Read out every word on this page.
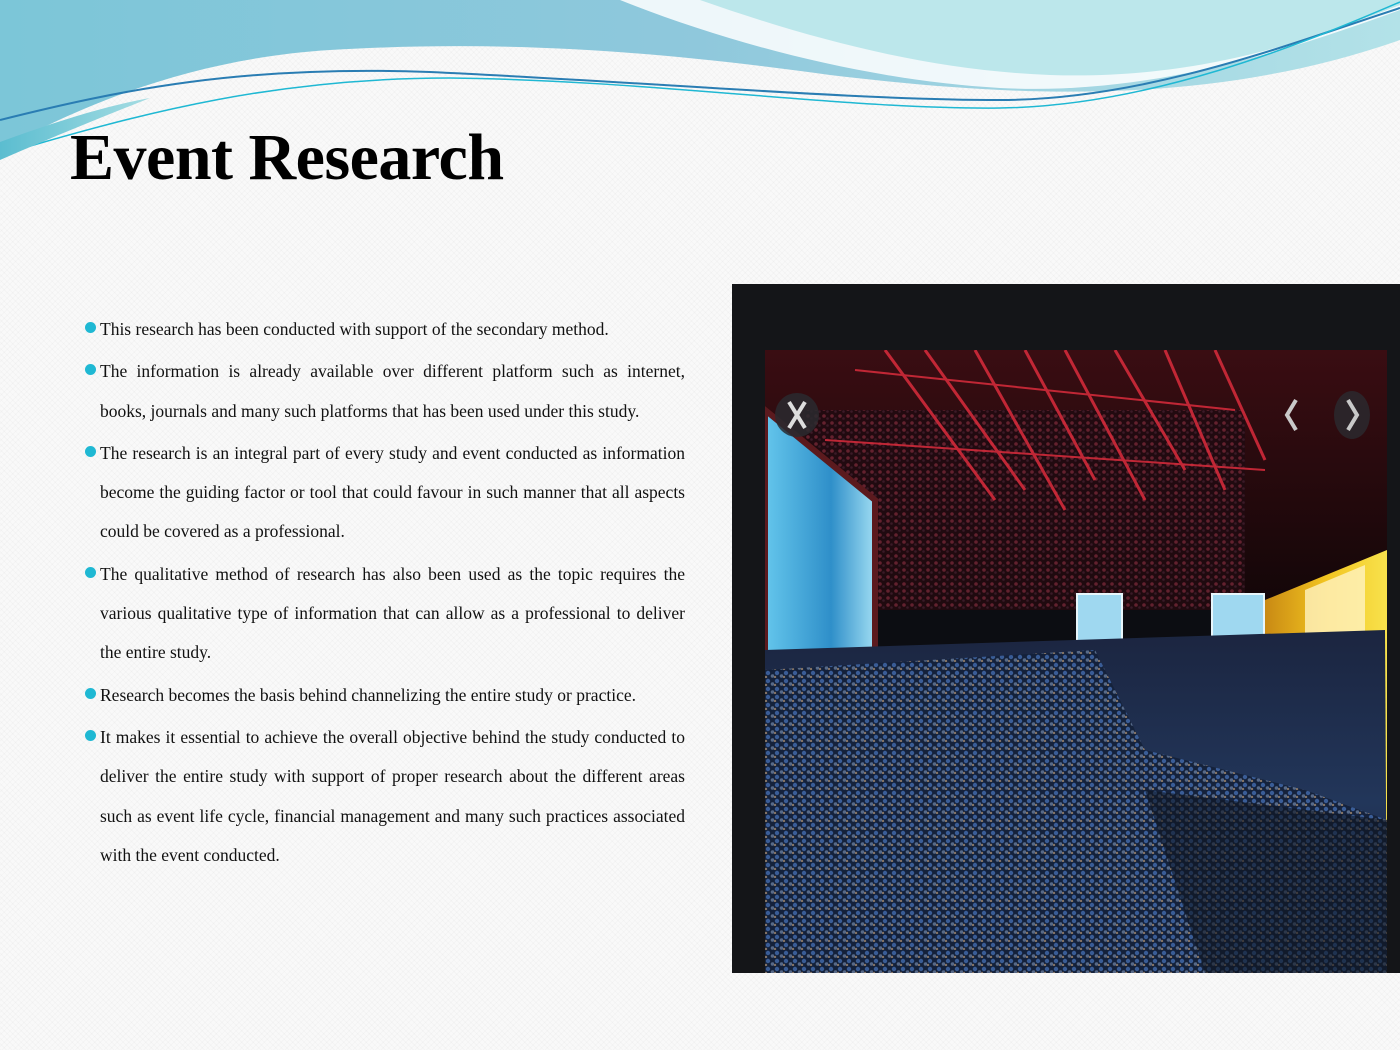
Event Research
This research has been conducted with support of the secondary method.
The information is already available over different platform such as internet, books, journals and many such platforms that has been used under this study.
The research is an integral part of every study and event conducted as information become the guiding factor or tool that could favour in such manner that all aspects could be covered as a professional.
The qualitative method of research has also been used as the topic requires the various qualitative type of information that can allow as a professional to deliver the entire study.
Research becomes the basis behind channelizing the entire study or practice.
It makes it essential to achieve the overall objective behind the study conducted to deliver the entire study with support of proper research about the different areas such as event life cycle, financial management and many such practices associated with the event conducted.
